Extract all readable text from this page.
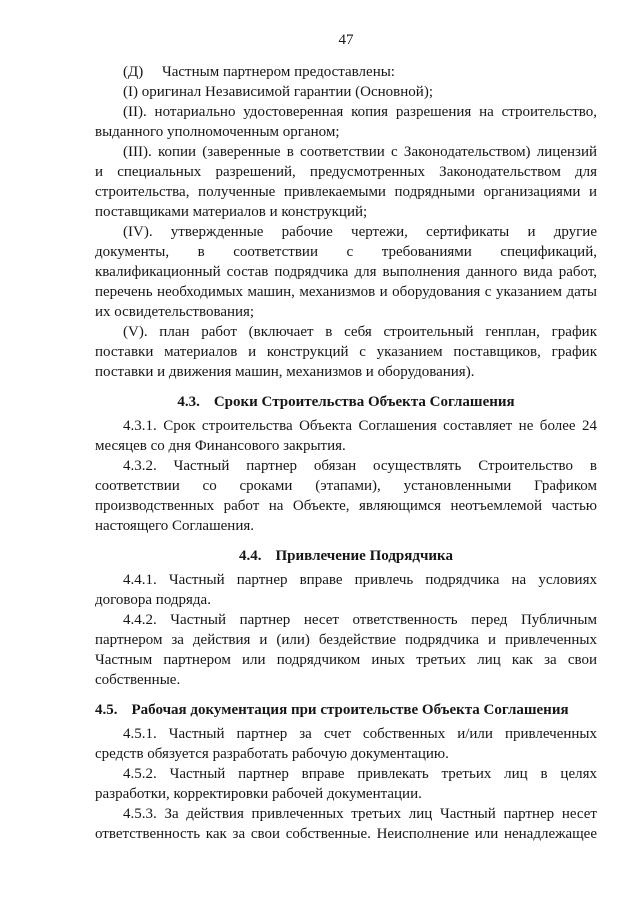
47

(Д)     Частным партнером предоставлены:

(I) оригинал Независимой гарантии (Основной);

(II). нотариально удостоверенная копия разрешения на строительство,
выданного уполномоченным органом;

(III). копии (заверенные в соответствии с Законодательством) лицензий
и специальных разрешений, предусмотренных Законодательством для
строительства, полученные привлекаемыми подрядными организациями и
поставщиками материалов и конструкций;

(IV). утвержденные рабочие чертежи, сертификаты и другие
документы, в соответствии с требованиями спецификаций,
квалификационный состав подрядчика для выполнения данного вида работ,
перечень необходимых машин, механизмов и оборудования с указанием даты
их освидетельствования;

(V). план работ (включает в себя строительный генплан, график
поставки материалов и конструкций с указанием поставщиков, график
поставки и движения машин, механизмов и оборудования).

4.3. Сроки Строительства Объекта Соглашения

4.3.1. Срок строительства Объекта Соглашения составляет не более 24
месяцев со дня Финансового закрытия.

4.3.2. Частный партнер обязан осуществлять Строительство в
соответствии со сроками (этапами), установленными Графиком
производственных работ на Объекте, являющимся неотъемлемой частью
настоящего Соглашения.

4.4. Привлечение Подрядчика

4.4.1. Частный партнер вправе привлечь подрядчика на условиях
договора подряда.

4.4.2. Частный партнер несет ответственность перед Публичным
партнером за действия и (или) бездействие подрядчика и привлеченных
Частным партнером или подрядчиком иных третьих лиц как за свои
собственные.

4.5. Рабочая документация при строительстве Объекта Соглашения

4.5.1. Частный партнер за счет собственных и/или привлеченных
средств обязуется разработать рабочую документацию.

4.5.2. Частный партнер вправе привлекать третьих лиц в целях
разработки, корректировки рабочей документации.

4.5.3. За действия привлеченных третьих лиц Частный партнер несет
ответственность как за свои собственные. Неисполнение или ненадлежащее
